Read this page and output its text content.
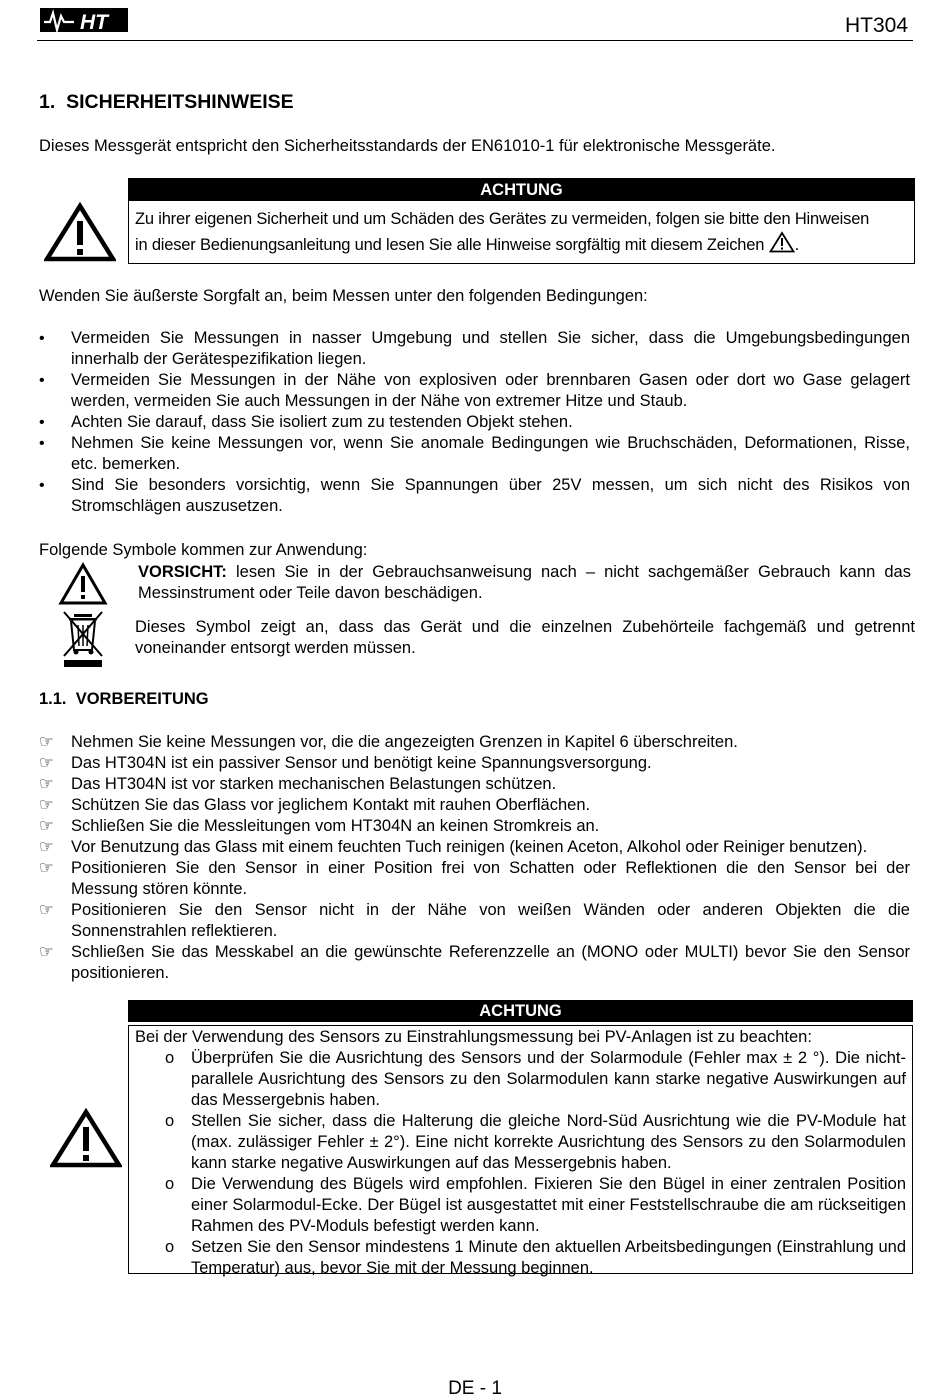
HT	HT304
1. SICHERHEITSHINWEISE
Dieses Messgerät entspricht den Sicherheitsstandards der EN61010-1 für elektronische Messgeräte.
ACHTUNG
Zu ihrer eigenen Sicherheit und um Schäden des Gerätes zu vermeiden, folgen sie bitte den Hinweisen
in dieser Bedienungsanleitung und lesen Sie alle Hinweise sorgfältig mit diesem Zeichen .
Wenden Sie äußerste Sorgfalt an, beim Messen unter den folgenden Bedingungen:
•
Vermeiden Sie Messungen in nasser Umgebung und stellen Sie sicher, dass die Umgebungsbedingungen innerhalb der Gerätespezifikation liegen.
•
Vermeiden Sie Messungen in der Nähe von explosiven oder brennbaren Gasen oder dort wo Gase gelagert werden, vermeiden Sie auch Messungen in der Nähe von extremer Hitze und Staub.
•
Achten Sie darauf, dass Sie isoliert zum zu testenden Objekt stehen.
•
Nehmen Sie keine Messungen vor, wenn Sie anomale Bedingungen wie Bruchschäden, Deformationen, Risse, etc. bemerken.
•
Sind Sie besonders vorsichtig, wenn Sie Spannungen über 25V messen, um sich nicht des Risikos von Stromschlägen auszusetzen.
Folgende Symbole kommen zur Anwendung:
VORSICHT: lesen Sie in der Gebrauchsanweisung nach – nicht sachgemäßer Gebrauch kann das Messinstrument oder Teile davon beschädigen.
Dieses Symbol zeigt an, dass das Gerät und die einzelnen Zubehörteile fachgemäß und getrennt voneinander entsorgt werden müssen.
1.1. VORBEREITUNG
☞	Nehmen Sie keine Messungen vor, die die angezeigten Grenzen in Kapitel 6 überschreiten.
☞	Das HT304N ist ein passiver Sensor und benötigt keine Spannungsversorgung.
☞	Das HT304N ist vor starken mechanischen Belastungen schützen.
☞	Schützen Sie das Glass vor jeglichem Kontakt mit rauhen Oberflächen.
☞	Schließen Sie die Messleitungen vom HT304N an keinen Stromkreis an.
☞	Vor Benutzung das Glass mit einem feuchten Tuch reinigen (keinen Aceton, Alkohol oder Reiniger benutzen).
☞	Positionieren Sie den Sensor in einer Position frei von Schatten oder Reflektionen die den Sensor bei der Messung stören könnte.
☞	Positionieren Sie den Sensor nicht in der Nähe von weißen Wänden oder anderen Objekten die die Sonnenstrahlen reflektieren.
☞	Schließen Sie das Messkabel an die gewünschte Referenzzelle an (MONO oder MULTI) bevor Sie den Sensor positionieren.
ACHTUNG
Bei der Verwendung des Sensors zu Einstrahlungsmessung bei PV-Anlagen ist zu beachten:
o Überprüfen Sie die Ausrichtung des Sensors und der Solarmodule (Fehler max ± 2 °). Die nicht-parallele Ausrichtung des Sensors zu den Solarmodulen kann starke negative Auswirkungen auf das Messergebnis haben.
o Stellen Sie sicher, dass die Halterung die gleiche Nord-Süd Ausrichtung wie die PV-Module hat (max. zulässiger Fehler ± 2°). Eine nicht korrekte Ausrichtung des Sensors zu den Solarmodulen kann starke negative Auswirkungen auf das Messergebnis haben.
o Die Verwendung des Bügels wird empfohlen. Fixieren Sie den Bügel in einer zentralen Position einer Solarmodul-Ecke. Der Bügel ist ausgestattet mit einer Feststellschraube die am rückseitigen Rahmen des PV-Moduls befestigt werden kann.
o Setzen Sie den Sensor mindestens 1 Minute den aktuellen Arbeitsbedingungen (Einstrahlung und Temperatur) aus, bevor Sie mit der Messung beginnen.
DE - 1
